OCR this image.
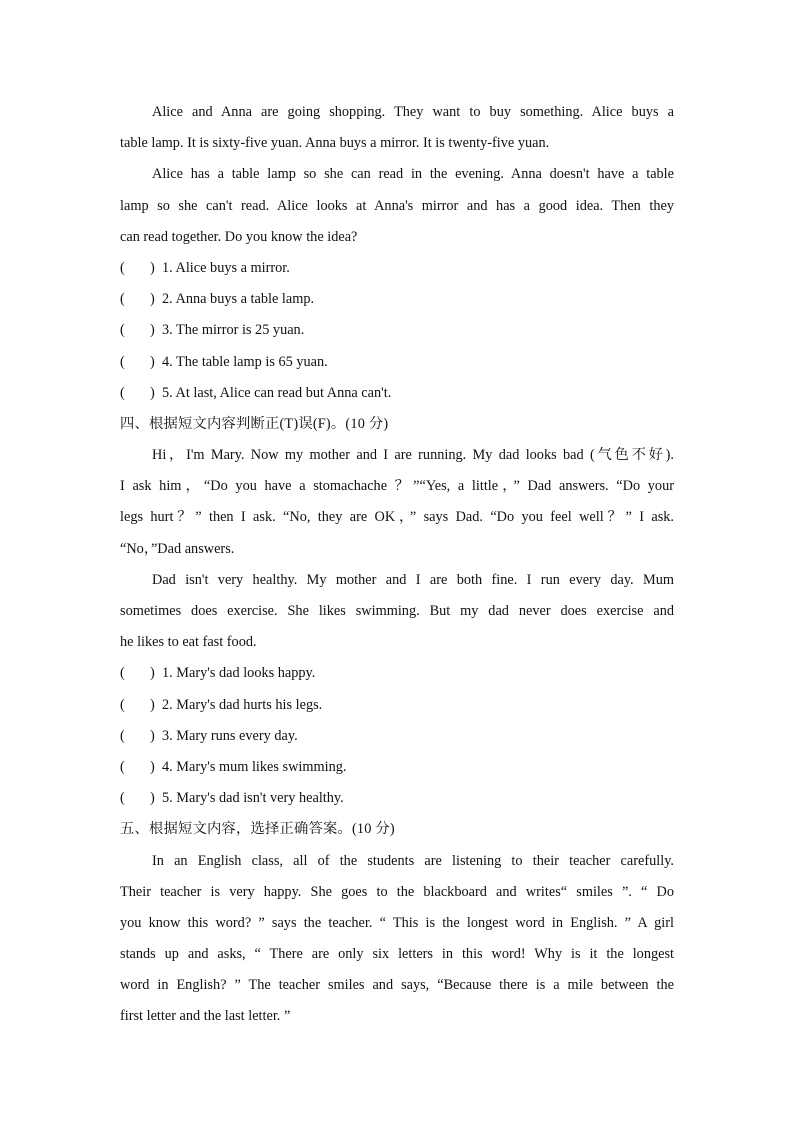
Alice and Anna are going shopping. They want to buy something. Alice buys a
table lamp. It is sixty-five yuan. Anna buys a mirror. It is twenty-five yuan.
Alice has a table lamp so she can read in the evening. Anna doesn't have a table
lamp so she can't read. Alice looks at Anna's mirror and has a good idea. Then they
can read together. Do you know the idea?
(	) 1. Alice buys a mirror.
(	) 2. Anna buys a table lamp.
(	) 3. The mirror is 25 yuan.
(	) 4. The table lamp is 65 yuan.
(	) 5. At last, Alice can read but Anna can't.
四、根据短文内容判断正(T)误(F)。(10 分)
Hi，I'm Mary. Now my mother and I are running. My dad looks bad (气色不好).
I ask him，“Do you have a stomachache ？”“Yes, a little，” Dad answers. “Do your
legs hurt？” then I ask. “No, they are OK，” says Dad. “Do you feel well？” I ask.
“No，”Dad answers.
Dad isn't very healthy. My mother and I are both fine. I run every day. Mum
sometimes does exercise. She likes swimming. But my dad never does exercise and
he likes to eat fast food.
(	) 1. Mary's dad looks happy.
(	) 2. Mary's dad hurts his legs.
(	) 3. Mary runs every day.
(	) 4. Mary's mum likes swimming.
(	) 5. Mary's dad isn't very healthy.
五、根据短文内容，选择正确答案。(10 分)
In an English class, all of the students are listening to their teacher carefully.
Their teacher is very happy. She goes to the blackboard and writes“ smiles ”. “ Do
you know this word? ” says the teacher. “ This is the longest word in English. ” A girl
stands up and asks, “ There are only six letters in this word! Why is it the longest
word in English? ” The teacher smiles and says, “Because there is a mile between the
first letter and the last letter. ”
